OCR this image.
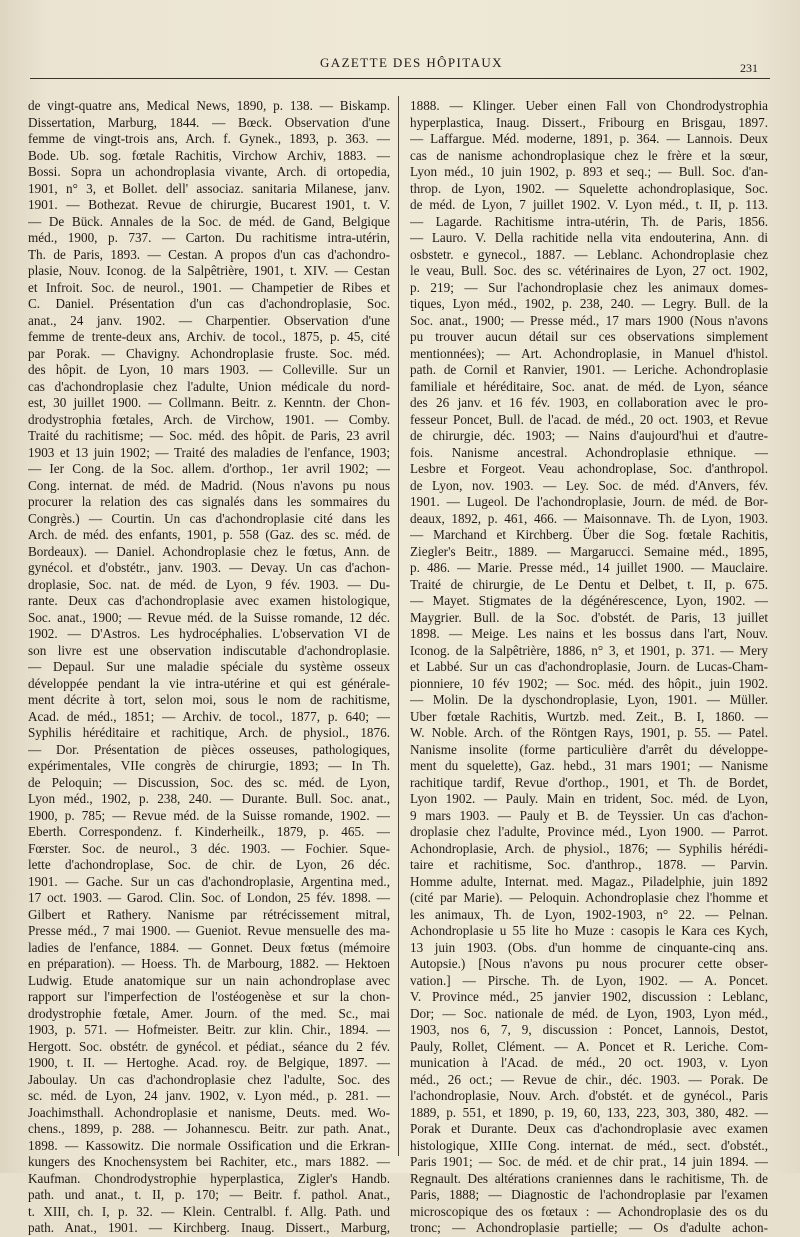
GAZETTE DES HÔPITAUX	231
de vingt-quatre ans, Medical News, 1890, p. 138. — Biskamp.
Dissertation, Marburg, 1844. — Bœck. Observation d'une
femme de vingt-trois ans, Arch. f. Gynek., 1893, p. 363. —
Bode. Ub. sog. fœtale Rachitis, Virchow Archiv, 1883. —
Bossi. Sopra un achondroplasia vivante, Arch. di ortopedia,
1901, n° 3, et Bollet. dell' associaz. sanitaria Milanese, janv.
1901. — Bothezat. Revue de chirurgie, Bucarest 1901, t. V.
— De Bück. Annales de la Soc. de méd. de Gand, Belgique
méd., 1900, p. 737. — Carton. Du rachitisme intra-utérin,
Th. de Paris, 1893. — Cestan. A propos d'un cas d'achondro-
plasie, Nouv. Iconog. de la Salpêtrière, 1901, t. XIV. — Cestan
et Infroit. Soc. de neurol., 1901. — Champetier de Ribes et
C. Daniel. Présentation d'un cas d'achondroplasie, Soc.
anat., 24 janv. 1902. — Charpentier. Observation d'une
femme de trente-deux ans, Archiv. de tocol., 1875, p. 45, cité
par Porak. — Chavigny. Achondroplasie fruste. Soc. méd.
des hôpit. de Lyon, 10 mars 1903. — Colleville. Sur un
cas d'achondroplasie chez l'adulte, Union médicale du nord-
est, 30 juillet 1900. — Collmann. Beitr. z. Kenntn. der Chon-
drodystrophia fœtales, Arch. de Virchow, 1901. — Comby.
Traité du rachitisme; — Soc. méd. des hôpit. de Paris, 23 avril
1903 et 13 juin 1902; — Traité des maladies de l'enfance, 1903;
— Ier Cong. de la Soc. allem. d'orthop., 1er avril 1902; —
Cong. internat. de méd. de Madrid. (Nous n'avons pu nous
procurer la relation des cas signalés dans les sommaires du
Congrès.) — Courtin. Un cas d'achondroplasie cité dans les
Arch. de méd. des enfants, 1901, p. 558 (Gaz. des sc. méd. de
Bordeaux). — Daniel. Achondroplasie chez le fœtus, Ann. de
gynécol. et d'obstétr., janv. 1903. — Devay. Un cas d'achon-
droplasie, Soc. nat. de méd. de Lyon, 9 fév. 1903. — Du-
rante. Deux cas d'achondroplasie avec examen histologique,
Soc. anat., 1900; — Revue méd. de la Suisse romande, 12 déc.
1902. — D'Astros. Les hydrocéphalies. L'observation VI de
son livre est une observation indiscutable d'achondroplasie.
— Depaul. Sur une maladie spéciale du système osseux
développée pendant la vie intra-utérine et qui est générale-
ment décrite à tort, selon moi, sous le nom de rachitisme,
Acad. de méd., 1851; — Archiv. de tocol., 1877, p. 640; —
Syphilis héréditaire et rachitique, Arch. de physiol., 1876.
— Dor. Présentation de pièces osseuses, pathologiques,
expérimentales, VIIe congrès de chirurgie, 1893; — In Th.
de Peloquin; — Discussion, Soc. des sc. méd. de Lyon,
Lyon méd., 1902, p. 238, 240. — Durante. Bull. Soc. anat.,
1900, p. 785; — Revue méd. de la Suisse romande, 1902. —
Eberth. Correspondenz. f. Kinderheilk., 1879, p. 465. —
Fœrster. Soc. de neurol., 3 déc. 1903. — Fochier. Sque-
lette d'achondroplase, Soc. de chir. de Lyon, 26 déc.
1901. — Gache. Sur un cas d'achondroplasie, Argentina med.,
17 oct. 1903. — Garod. Clin. Soc. of London, 25 fév. 1898. —
Gilbert et Rathery. Nanisme par rétrécissement mitral,
Presse méd., 7 mai 1900. — Gueniot. Revue mensuelle des ma-
ladies de l'enfance, 1884. — Gonnet. Deux fœtus (mémoire
en préparation). — Hoess. Th. de Marbourg, 1882. — Hektoen
Ludwig. Etude anatomique sur un nain achondroplase avec
rapport sur l'imperfection de l'ostéogenèse et sur la chon-
drodystrophie fœtale, Amer. Journ. of the med. Sc., mai
1903, p. 571. — Hofmeister. Beitr. zur klin. Chir., 1894. —
Hergott. Soc. obstétr. de gynécol. et pédiat., séance du 2 fév.
1900, t. II. — Hertoghe. Acad. roy. de Belgique, 1897. —
Jaboulay. Un cas d'achondroplasie chez l'adulte, Soc. des
sc. méd. de Lyon, 24 janv. 1902, v. Lyon méd., p. 281. —
Joachimsthall. Achondroplasie et nanisme, Deuts. med. Wo-
chens., 1899, p. 288. — Johannescu. Beitr. zur path. Anat.,
1898. — Kassowitz. Die normale Ossification und die Erkran-
kungers des Knochensystem bei Rachiter, etc., mars 1882. —
Kaufman. Chondrodystrophie hyperplastica, Zigler's Handb.
path. und anat., t. II, p. 170; — Beitr. f. pathol. Anat.,
t. XIII, ch. I, p. 32. — Klein. Centralbl. f. Allg. Path. und
path. Anat., 1901. — Kirchberg. Inaug. Dissert., Marburg,
1888. — Klinger. Ueber einen Fall von Chondrodystrophia
hyperplastica, Inaug. Dissert., Fribourg en Brisgau, 1897.
— Laffargue. Méd. moderne, 1891, p. 364. — Lannois. Deux
cas de nanisme achondroplasique chez le frère et la sœur,
Lyon méd., 10 juin 1902, p. 893 et seq.; — Bull. Soc. d'an-
throp. de Lyon, 1902. — Squelette achondroplasique, Soc.
de méd. de Lyon, 7 juillet 1902. V. Lyon méd., t. II, p. 113.
— Lagarde. Rachitisme intra-utérin, Th. de Paris, 1856.
— Lauro. V. Della rachitide nella vita endouterina, Ann. di
osbstetr. e gynecol., 1887. — Leblanc. Achondroplasie chez
le veau, Bull. Soc. des sc. vétérinaires de Lyon, 27 oct. 1902,
p. 219; — Sur l'achondroplasie chez les animaux domes-
tiques, Lyon méd., 1902, p. 238, 240. — Legry. Bull. de la
Soc. anat., 1900; — Presse méd., 17 mars 1900 (Nous n'avons
pu trouver aucun détail sur ces observations simplement
mentionnées); — Art. Achondroplasie, in Manuel d'histol.
path. de Cornil et Ranvier, 1901. — Leriche. Achondroplasie
familiale et héréditaire, Soc. anat. de méd. de Lyon, séance
des 26 janv. et 16 fév. 1903, en collaboration avec le pro-
fesseur Poncet, Bull. de l'acad. de méd., 20 oct. 1903, et Revue
de chirurgie, déc. 1903; — Nains d'aujourd'hui et d'autre-
fois. Nanisme ancestral. Achondroplasie ethnique. —
Lesbre et Forgeot. Veau achondroplase, Soc. d'anthropol.
de Lyon, nov. 1903. — Ley. Soc. de méd. d'Anvers, fév.
1901. — Lugeol. De l'achondroplasie, Journ. de méd. de Bor-
deaux, 1892, p. 461, 466. — Maisonnave. Th. de Lyon, 1903.
— Marchand et Kirchberg. Über die Sog. fœtale Rachitis,
Ziegler's Beitr., 1889. — Margarucci. Semaine méd., 1895,
p. 486. — Marie. Presse méd., 14 juillet 1900. — Mauclaire.
Traité de chirurgie, de Le Dentu et Delbet, t. II, p. 675.
— Mayet. Stigmates de la dégénérescence, Lyon, 1902. —
Maygrier. Bull. de la Soc. d'obstét. de Paris, 13 juillet
1898. — Meige. Les nains et les bossus dans l'art, Nouv.
Iconog. de la Salpêtrière, 1886, n° 3, et 1901, p. 371. — Mery
et Labbé. Sur un cas d'achondroplasie, Journ. de Lucas-Cham-
pionniere, 10 fév 1902; — Soc. méd. des hôpit., juin 1902.
— Molin. De la dyschondroplasie, Lyon, 1901. — Müller.
Uber fœtale Rachitis, Wurtzb. med. Zeit., B. I, 1860. —
W. Noble. Arch. of the Röntgen Rays, 1901, p. 55. — Patel.
Nanisme insolite (forme particulière d'arrêt du développe-
ment du squelette), Gaz. hebd., 31 mars 1901; — Nanisme
rachitique tardif, Revue d'orthop., 1901, et Th. de Bordet,
Lyon 1902. — Pauly. Main en trident, Soc. méd. de Lyon,
9 mars 1903. — Pauly et B. de Teyssier. Un cas d'achon-
droplasie chez l'adulte, Province méd., Lyon 1900. — Parrot.
Achondroplasie, Arch. de physiol., 1876; — Syphilis hérédi-
taire et rachitisme, Soc. d'anthrop., 1878. — Parvin.
Homme adulte, Internat. med. Magaz., Piladelphie, juin 1892
(cité par Marie). — Peloquin. Achondroplasie chez l'homme et
les animaux, Th. de Lyon, 1902-1903, n° 22. — Pelnan.
Achondroplasie u 55 lite ho Muze : casopis le Kara ces Kych,
13 juin 1903. (Obs. d'un homme de cinquante-cinq ans.
Autopsie.) [Nous n'avons pu nous procurer cette obser-
vation.] — Pirsche. Th. de Lyon, 1902. — A. Poncet.
V. Province méd., 25 janvier 1902, discussion : Leblanc,
Dor; — Soc. nationale de méd. de Lyon, 1903, Lyon méd.,
1903, nos 6, 7, 9, discussion : Poncet, Lannois, Destot,
Pauly, Rollet, Clément. — A. Poncet et R. Leriche. Com-
munication à l'Acad. de méd., 20 oct. 1903, v. Lyon
méd., 26 oct.; — Revue de chir., déc. 1903. — Porak. De
l'achondroplasie, Nouv. Arch. d'obstét. et de gynécol., Paris
1889, p. 551, et 1890, p. 19, 60, 133, 223, 303, 380, 482. —
Porak et Durante. Deux cas d'achondroplasie avec examen
histologique, XIIIe Cong. internat. de méd., sect. d'obstét.,
Paris 1901; — Soc. de méd. et de chir prat., 14 juin 1894. —
Regnault. Des altérations craniennes dans le rachitisme, Th. de
Paris, 1888; — Diagnostic de l'achondroplasie par l'examen
microscopique des os fœtaux : — Achondroplasie des os du
tronc; — Achondroplasie partielle; — Os d'adulte achon-
